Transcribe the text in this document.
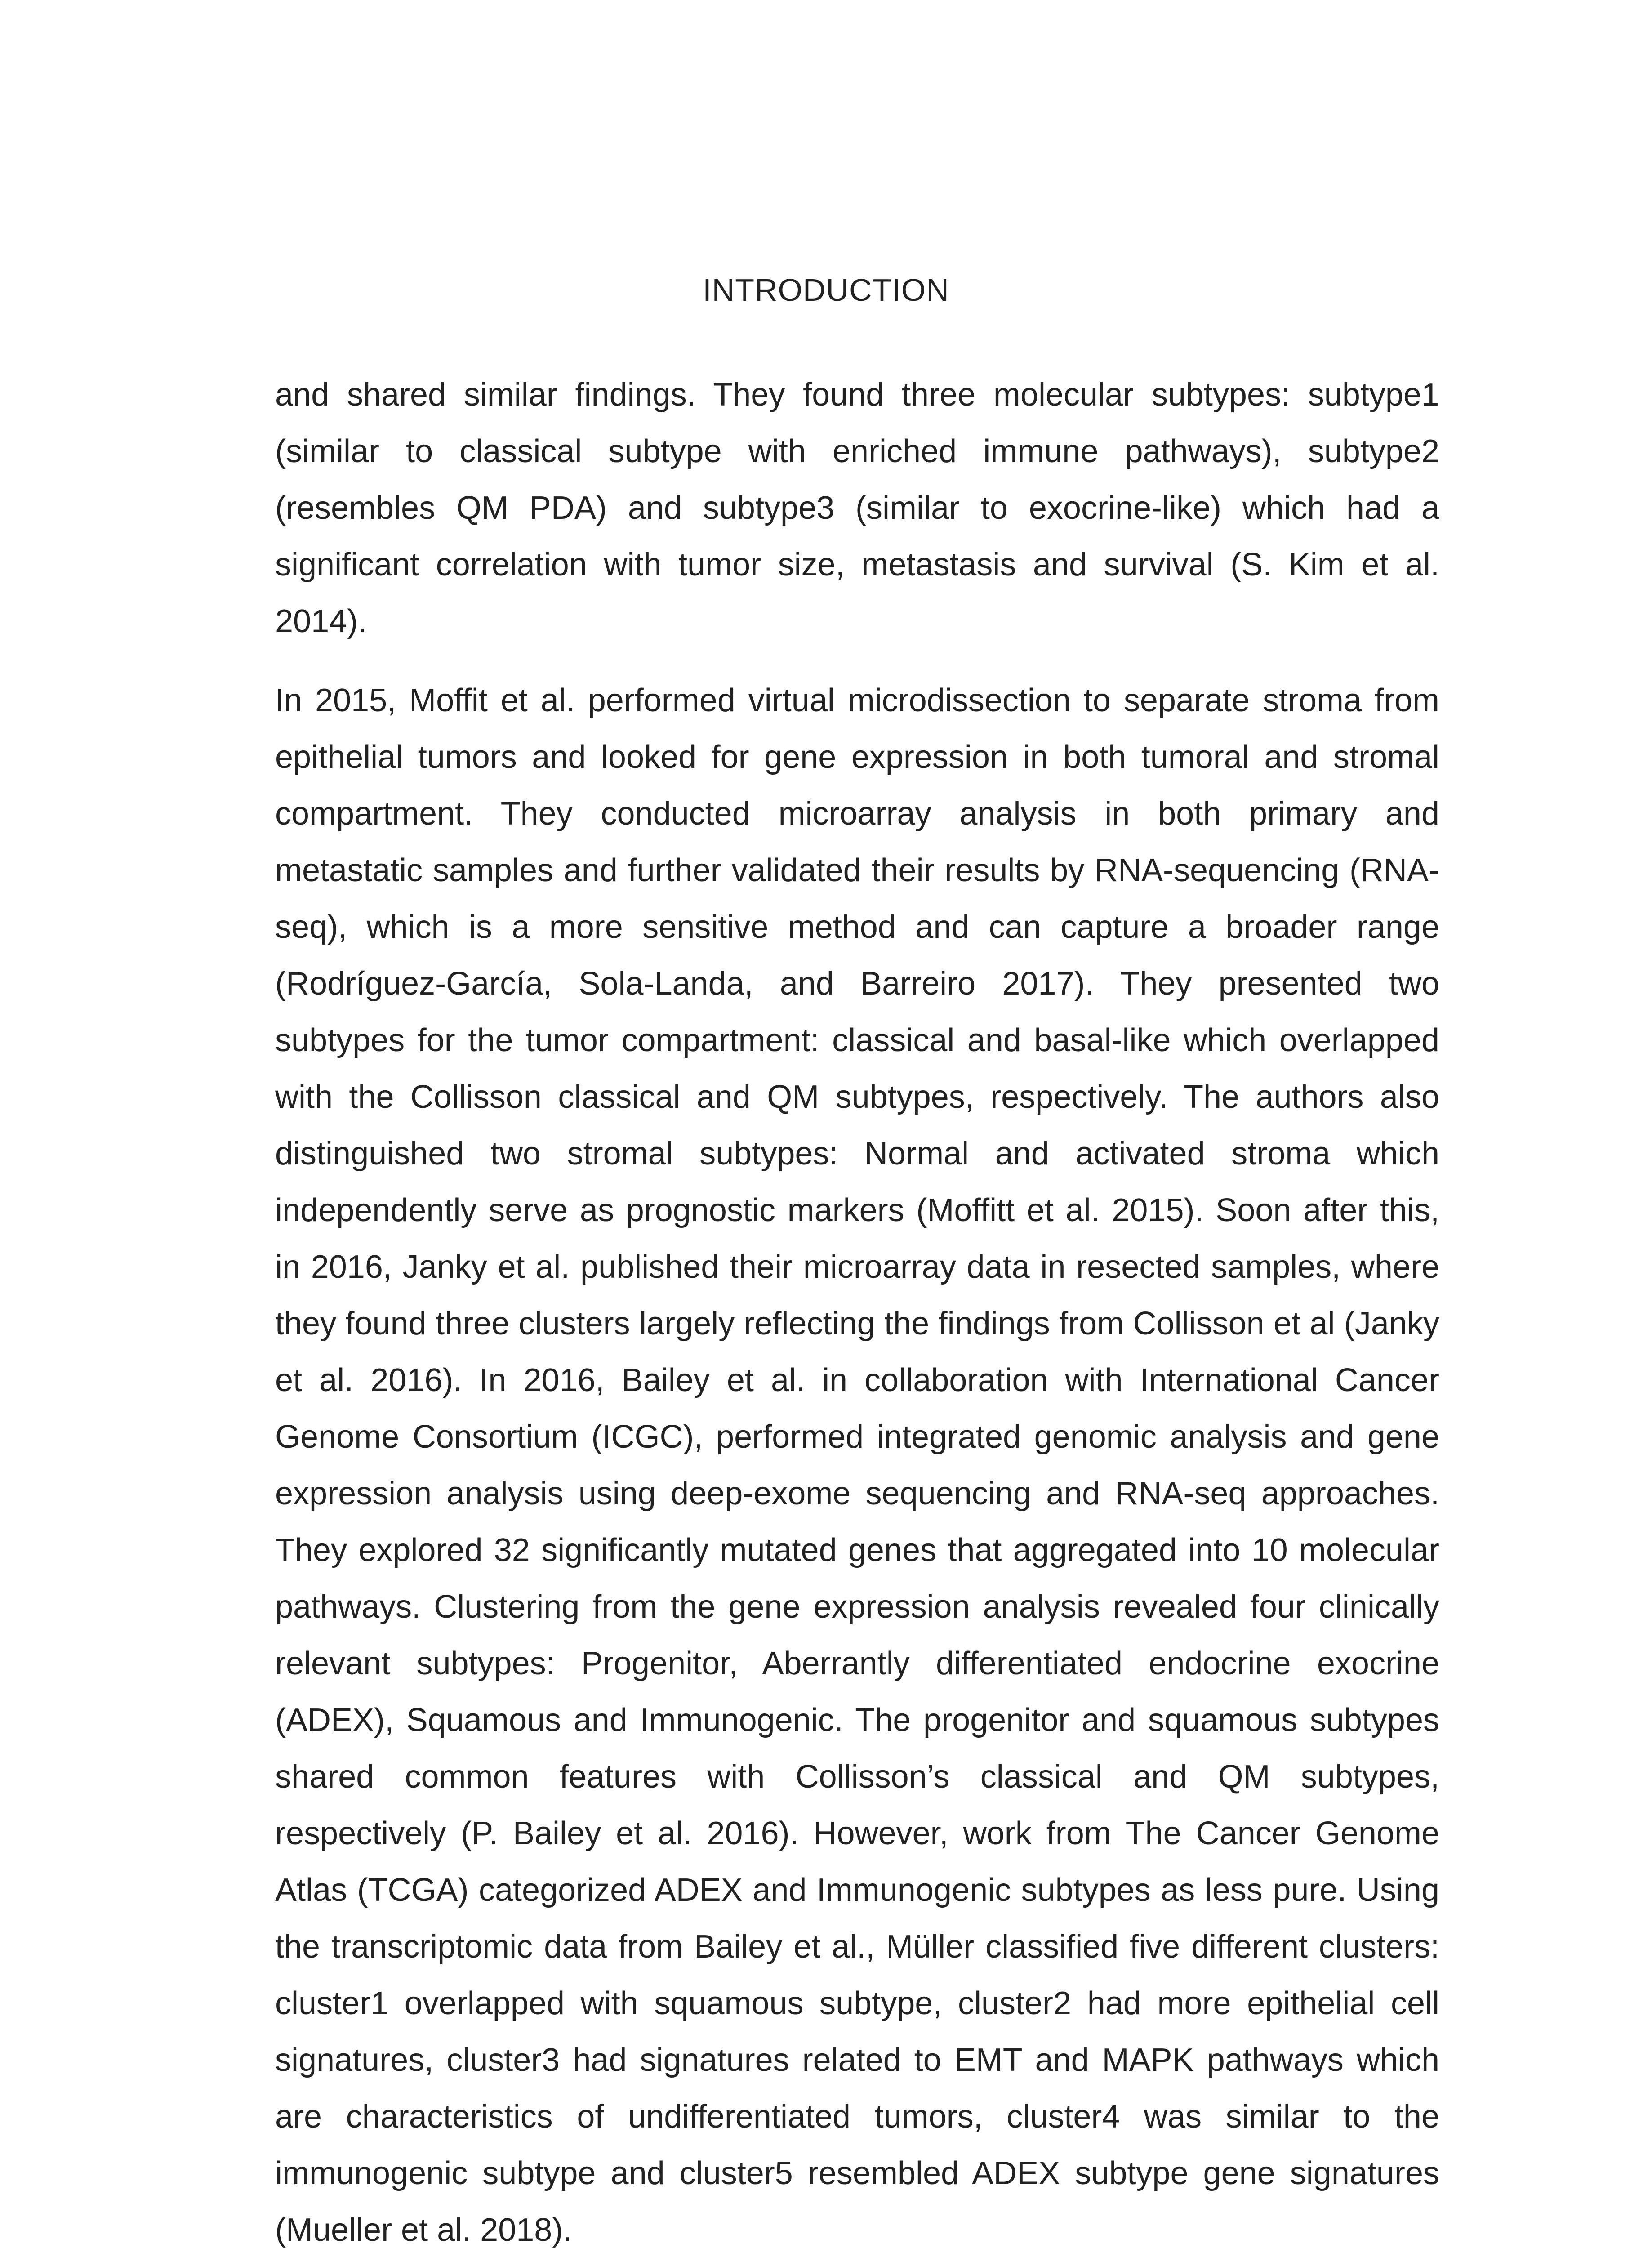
INTRODUCTION

and shared similar findings. They found three molecular subtypes: subtype1 (similar to classical subtype with enriched immune pathways), subtype2 (resembles QM PDA) and subtype3 (similar to exocrine-like) which had a significant correlation with tumor size, metastasis and survival (S. Kim et al. 2014).

In 2015, Moffit et al. performed virtual microdissection to separate stroma from epithelial tumors and looked for gene expression in both tumoral and stromal compartment. They conducted microarray analysis in both primary and metastatic samples and further validated their results by RNA-sequencing (RNA-seq), which is a more sensitive method and can capture a broader range (Rodríguez-García, Sola-Landa, and Barreiro 2017). They presented two subtypes for the tumor compartment: classical and basal-like which overlapped with the Collisson classical and QM subtypes, respectively. The authors also distinguished two stromal subtypes: Normal and activated stroma which independently serve as prognostic markers (Moffitt et al. 2015). Soon after this, in 2016, Janky et al. published their microarray data in resected samples, where they found three clusters largely reflecting the findings from Collisson et al (Janky et al. 2016). In 2016, Bailey et al. in collaboration with International Cancer Genome Consortium (ICGC), performed integrated genomic analysis and gene expression analysis using deep-exome sequencing and RNA-seq approaches. They explored 32 significantly mutated genes that aggregated into 10 molecular pathways. Clustering from the gene expression analysis revealed four clinically relevant subtypes: Progenitor, Aberrantly differentiated endocrine exocrine (ADEX), Squamous and Immunogenic. The progenitor and squamous subtypes shared common features with Collisson’s classical and QM subtypes, respectively (P. Bailey et al. 2016). However, work from The Cancer Genome Atlas (TCGA) categorized ADEX and Immunogenic subtypes as less pure. Using the transcriptomic data from Bailey et al., Müller classified five different clusters: cluster1 overlapped with squamous subtype, cluster2 had more epithelial cell signatures, cluster3 had signatures related to EMT and MAPK pathways which are characteristics of undifferentiated tumors, cluster4 was similar to the immunogenic subtype and cluster5 resembled ADEX subtype gene signatures (Mueller et al. 2018).
